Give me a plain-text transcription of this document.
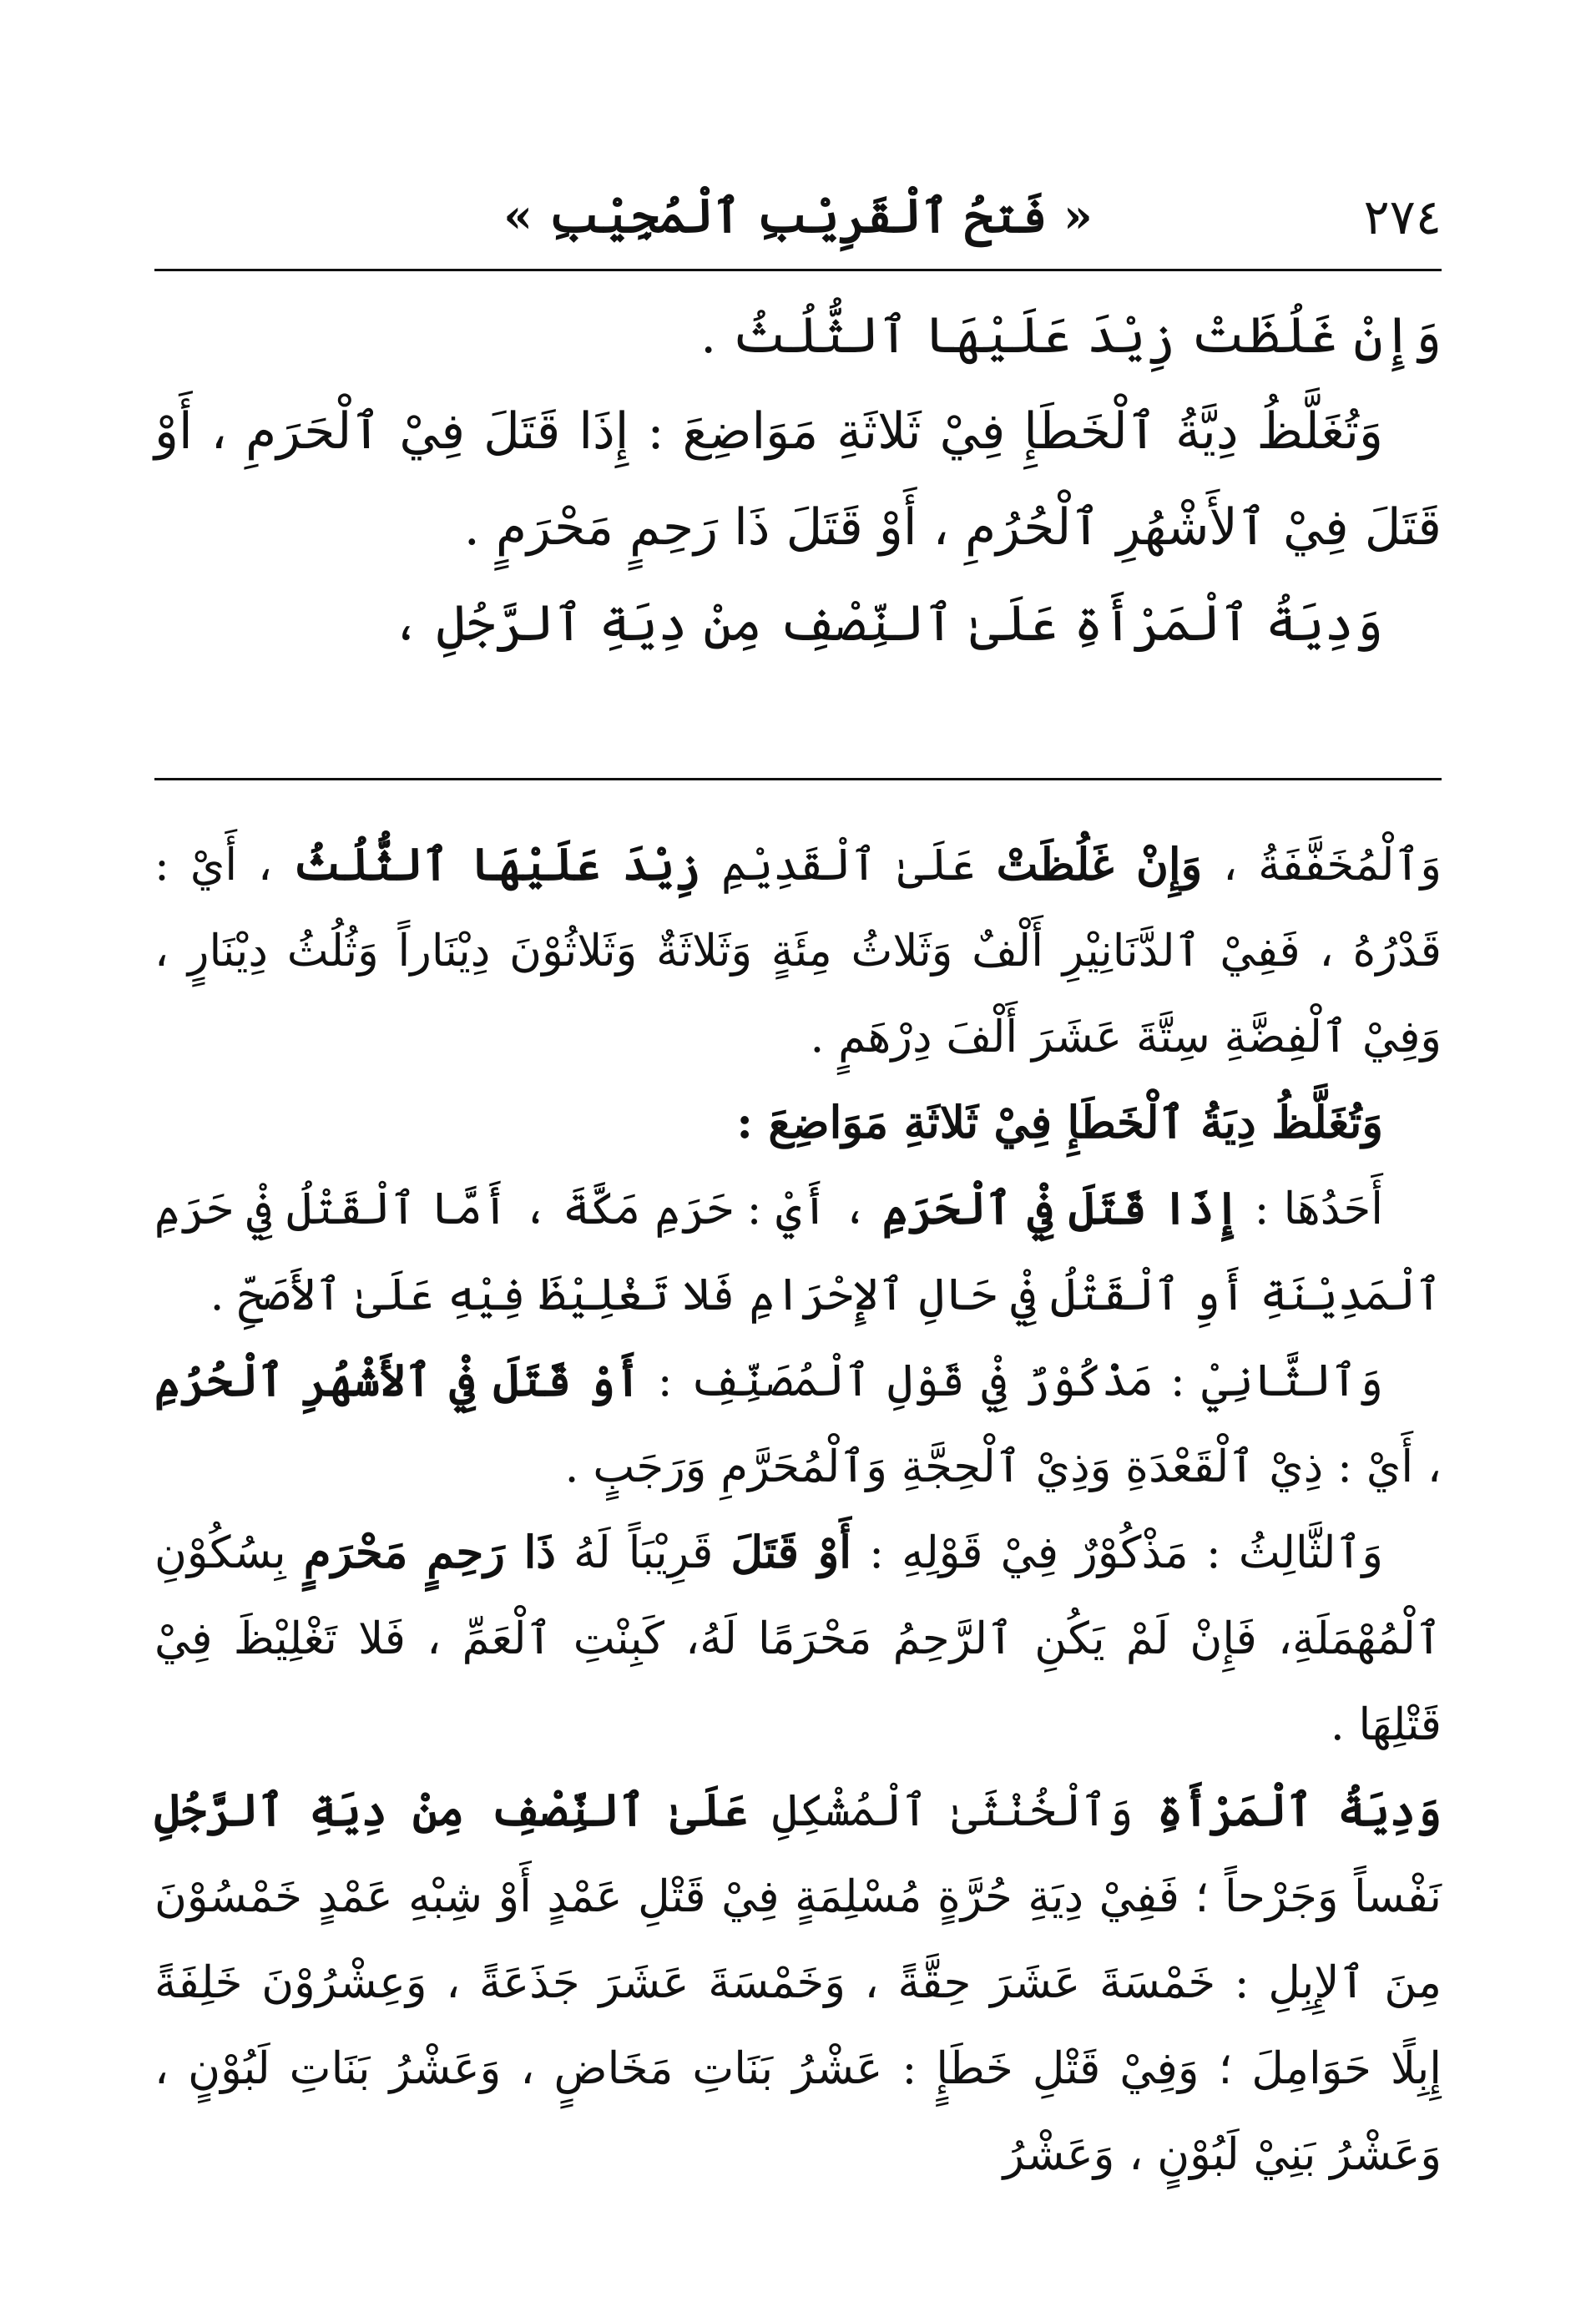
٢٧٤
« فَتحُ ٱلْقَرِيْبِ ٱلْمُجِيْبِ »

وَإِنْ غَلُظَتْ زِيْدَ عَلَيْهَا ٱلثُّلُثُ .

وَتُغَلَّظُ دِيَّةُ ٱلْخَطَإِ فِيْ ثَلاثَةِ مَوَاضِعَ : إِذَا قَتَلَ فِيْ ٱلْحَرَمِ ، أَوْ قَتَلَ فِيْ ٱلأَشْهُرِ ٱلْحُرُمِ ، أَوْ قَتَلَ ذَا رَحِمٍ مَحْرَمٍ .

وَدِيَةُ ٱلْمَرْأَةِ عَلَىٰ ٱلنِّصْفِ مِنْ دِيَةِ ٱلرَّجُلِ ،

وَٱلْمُخَفَّفَةُ ، وَإِنْ غَلُظَتْ عَلَىٰ ٱلْقَدِيْمِ زِيْدَ عَلَيْهَا ٱلثُّلُثُ ، أَيْ : قَدْرُهُ ، فَفِيْ ٱلدَّنَانِيْرِ أَلْفٌ وَثَلاثُ مِئَةٍ وَثَلاثَةٌ وَثَلاثُوْنَ دِيْنَاراً وَثُلُثُ دِيْنَارٍ ، وَفِيْ ٱلْفِضَّةِ سِتَّةَ عَشَرَ أَلْفَ دِرْهَمٍ .

وَتُغَلَّظُ دِيَةُ ٱلْخَطَإِ فِيْ ثَلاثَةِ مَوَاضِعَ :

أَحَدُهَا : إِذَا قَتَلَ فِيْ ٱلْحَرَمِ ، أَيْ : حَرَمِ مَكَّةَ ، أَمَّا ٱلْقَتْلُ فِيْ حَرَمِ ٱلْمَدِيْنَةِ أَوِ ٱلْقَتْلُ فِيْ حَالِ ٱلإِحْرَامِ فَلا تَغْلِيْظَ فِيْهِ عَلَىٰ ٱلأَصَحِّ .

وَٱلثَّانِيْ : مَذْكُوْرٌ فِيْ قَوْلِ ٱلْمُصَنِّفِ : أَوْ قَتَلَ فِيْ ٱلأَشْهُرِ ٱلْحُرُمِ ، أَيْ : ذِيْ ٱلْقَعْدَةِ وَذِيْ ٱلْحِجَّةِ وَٱلْمُحَرَّمِ وَرَجَبٍ .

وَٱلثَّالِثُ : مَذْكُوْرٌ فِيْ قَوْلِهِ : أَوْ قَتَلَ قَرِيْبَاً لَهُ ذَا رَحِمٍ مَحْرَمٍ بِسُكُوْنِ ٱلْمُهْمَلَةِ، فَإِنْ لَمْ يَكُنِ ٱلرَّحِمُ مَحْرَمًا لَهُ، كَبِنْتِ ٱلْعَمِّ ، فَلا تَغْلِيْظَ فِيْ قَتْلِهَا .

وَدِيَةُ ٱلْمَرْأَةِ وَٱلْخُنْثَىٰ ٱلْمُشْكِلِ عَلَىٰ ٱلنِّصْفِ مِنْ دِيَةِ ٱلرَّجُلِ نَفْساً وَجَرْحاً ؛ فَفِيْ دِيَةِ حُرَّةٍ مُسْلِمَةٍ فِيْ قَتْلِ عَمْدٍ أَوْ شِبْهِ عَمْدٍ خَمْسُوْنَ مِنَ ٱلإِبِلِ : خَمْسَةَ عَشَرَ حِقَّةً ، وَخَمْسَةَ عَشَرَ جَذَعَةً ، وَعِشْرُوْنَ خَلِفَةً إِبِلًا حَوَامِلَ ؛ وَفِيْ قَتْلِ خَطَإٍ : عَشْرُ بَنَاتِ مَخَاضٍ ، وَعَشْرُ بَنَاتِ لَبُوْنٍ ، وَعَشْرُ بَنِيْ لَبُوْنٍ ، وَعَشْرُ
